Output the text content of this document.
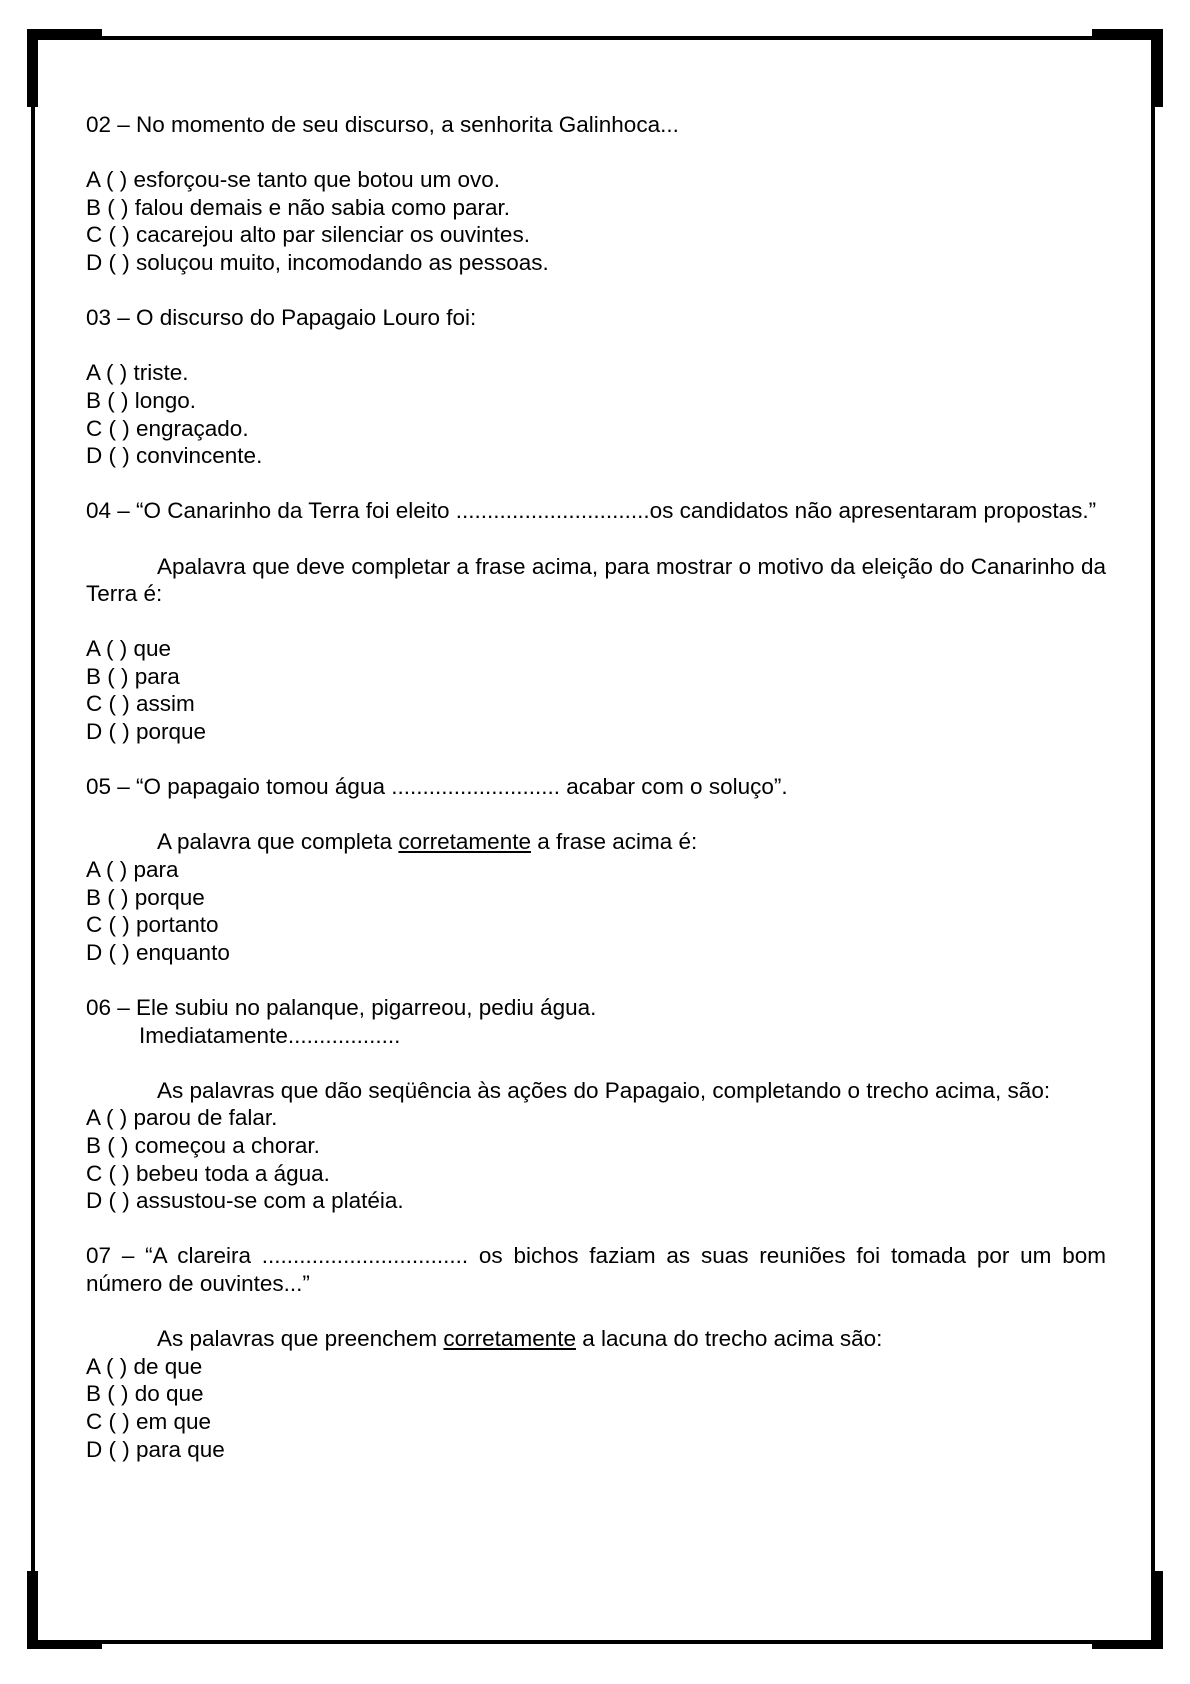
02 – No momento de seu discurso, a senhorita Galinhoca...

A ( ) esforçou-se tanto que botou um ovo.
B ( ) falou demais e não sabia como parar.
C ( ) cacarejou alto par silenciar os ouvintes.
D ( ) soluçou muito, incomodando as pessoas.

03 – O discurso do Papagaio Louro foi:

A ( ) triste.
B ( ) longo.
C ( ) engraçado.
D ( ) convincente.

04 – “O Canarinho da Terra foi eleito ...............................os candidatos não apresentaram propostas.”

Apalavra que deve completar a frase acima, para mostrar o motivo da eleição do Canarinho da Terra é:

A ( ) que
B ( ) para
C ( ) assim
D ( ) porque

05 – “O papagaio tomou água ........................... acabar com o soluço”.

A palavra que completa corretamente a frase acima é:

A ( ) para
B ( ) porque
C ( ) portanto
D ( ) enquanto

06 – Ele subiu no palanque, pigarreou, pediu água.

Imediatamente..................

As palavras que dão seqüência às ações do Papagaio, completando o trecho acima, são:

A ( ) parou de falar.
B ( ) começou a chorar.
C ( ) bebeu toda a água.
D ( ) assustou-se com a platéia.

07 – “A clareira ................................. os bichos faziam as suas reuniões foi tomada por um bom número de ouvintes...”

As palavras que preenchem corretamente a lacuna do trecho acima são:

A ( ) de que
B ( ) do que
C ( ) em que
D ( ) para que
